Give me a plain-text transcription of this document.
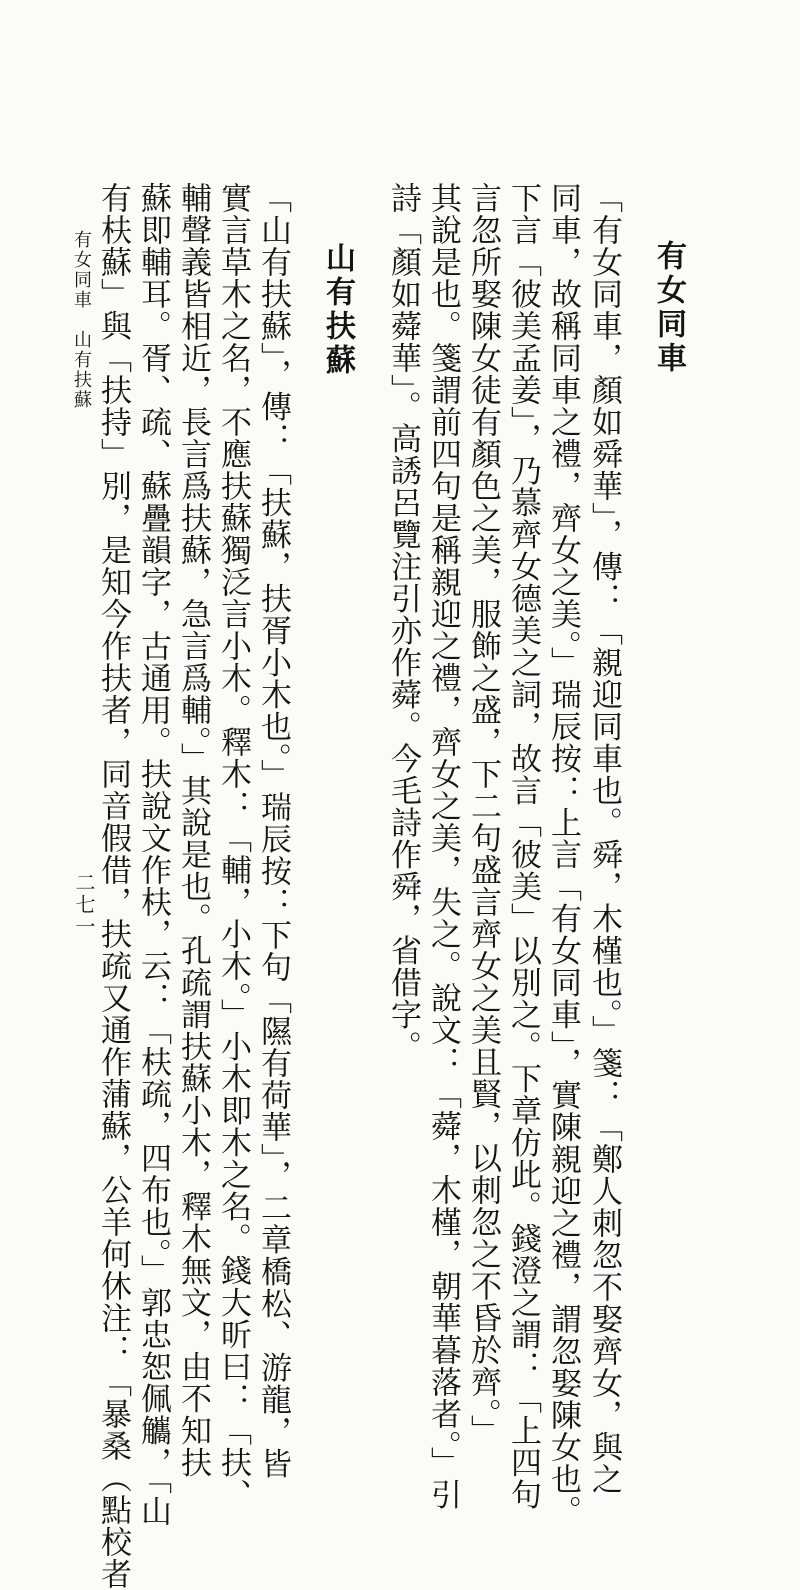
有女同車
「有女同車，顏如舜華」，傳：「親迎同車也。舜，木槿也。」箋：「鄭人刺忽不娶齊女，與之
同車，故稱同車之禮，齊女之美。」瑞辰按：上言「有女同車」，實陳親迎之禮，謂忽娶陳女也。
下言「彼美孟姜」，乃慕齊女德美之詞，故言「彼美」以別之。下章仿此。錢澄之謂：「上四句
言忽所娶陳女徒有顏色之美，服飾之盛，下二句盛言齊女之美且賢，以刺忽之不昏於齊。」
其說是也。箋謂前四句是稱親迎之禮，齊女之美，失之。說文：「蕣，木槿，朝華暮落者。」引
詩「顏如蕣華」。高誘呂覽注引亦作蕣。今毛詩作舜，省借字。
山有扶蘇
「山有扶蘇」，傳：「扶蘇，扶胥小木也。」瑞辰按：下句「隰有荷華」，二章橋松、游龍，皆
實言草木之名，不應扶蘇獨泛言小木。釋木：「輔，小木。」小木即木之名。錢大昕曰：「扶、
輔聲義皆相近，長言爲扶蘇，急言爲輔。」其說是也。孔疏謂扶蘇小木，釋木無文，由不知扶
蘇即輔耳。胥、疏、蘇疊韻字，古通用。扶說文作枎，云：「枎疏，四布也。」郭忠恕佩觿，「山
有枎蘇」與「扶持」別，是知今作扶者，同音假借，扶疏又通作蒲蘇，公羊何休注：「暴桑（點校者
有女同車　山有扶蘇
二七一
